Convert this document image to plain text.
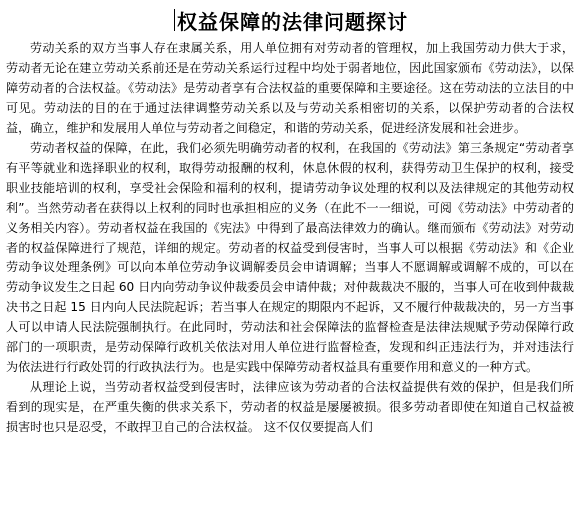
权益保障的法律问题探讨

劳动关系的双方当事人存在隶属关系，用人单位拥有对劳动者的管理权，加上我国劳动力供大于求，劳动者无论在建立劳动关系前还是在劳动关系运行过程中均处于弱者地位，因此国家颁布《劳动法》，以保障劳动者的合法权益。《劳动法》是劳动者享有合法权益的重要保障和主要途径。这在劳动法的立法目的中可见。劳动法的目的在于通过法律调整劳动关系以及与劳动关系相密切的关系，以保护劳动者的合法权益，确立，维护和发展用人单位与劳动者之间稳定，和谐的劳动关系，促进经济发展和社会进步。

劳动者权益的保障，在此，我们必须先明确劳动者的权利，在我国的《劳动法》第三条规定“劳动者享有平等就业和选择职业的权利，取得劳动报酬的权利，休息休假的权利，获得劳动卫生保护的权利，接受职业技能培训的权利，享受社会保险和福利的权利，提请劳动争议处理的权利以及法律规定的其他劳动权利”。当然劳动者在获得以上权利的同时也承担相应的义务（在此不一一细说，可阅《劳动法》中劳动者的义务相关内容）。劳动者权益在我国的《宪法》中得到了最高法律效力的确认。继而颁布《劳动法》对劳动者的权益保障进行了规范，详细的规定。劳动者的权益受到侵害时，当事人可以根据《劳动法》和《企业劳动争议处理条例》可以向本单位劳动争议调解委员会申请调解；当事人不愿调解或调解不成的，可以在劳动争议发生之日起 60 日内向劳动争议仲裁委员会申请仲裁；对仲裁裁决不服的，当事人可在收到仲裁裁决书之日起 15 日内向人民法院起诉；若当事人在规定的期限内不起诉，又不履行仲裁裁决的，另一方当事人可以申请人民法院强制执行。在此同时，劳动法和社会保障法的监督检查是法律法规赋予劳动保障行政部门的一项职责，是劳动保障行政机关依法对用人单位进行监督检查，发现和纠正违法行为，并对违法行为依法进行行政处罚的行政执法行为。也是实践中保障劳动者权益具有重要作用和意义的一种方式。

从理论上说，当劳动者权益受到侵害时，法律应该为劳动者的合法权益提供有效的保护，但是我们所看到的现实是，在严重失衡的供求关系下，劳动者的权益是屡屡被损。很多劳动者即使在知道自己权益被损害时也只是忍受，不敢捍卫自己的合法权益。 这不仅仅要提高人们
